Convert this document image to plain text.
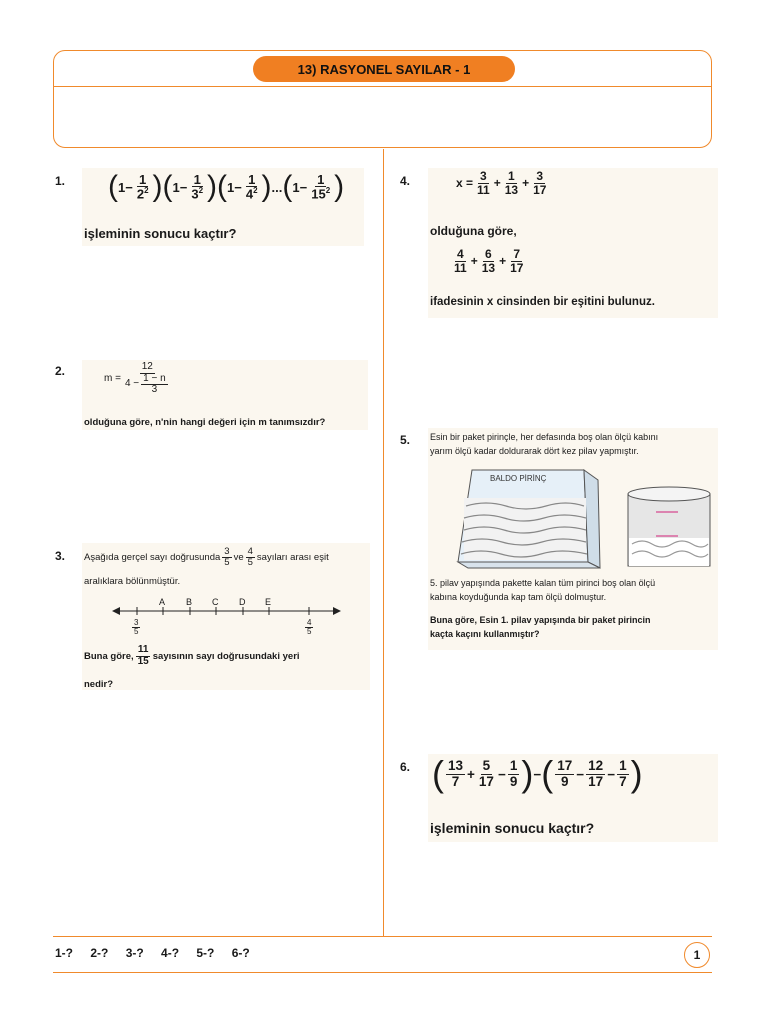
13) RASYONEL SAYILAR - 1
1. ( $1 - \frac{1}{2^2}$ ) ( $1 - \frac{1}{3^2}$ ) ( $1 - \frac{1}{4^2}$ ) ... ( $1 - \frac{1}{15^2}$ )
işleminin sonucu kaçtır?
2.
$m = \frac{12}{4 - \frac{1 - n}{3}}$
olduğuna göre, n'nin hangi değeri için m tanımsızdır?
3. Aşağıda gerçel sayı doğrusunda $\frac{3}{5}$ ve $\frac{4}{5}$ sayıları arası eşit
aralıklara bölünmüştür.
A B C D E
$\frac{3}{5}$	$\frac{4}{5}$
Buna göre, $\frac{11}{15}$ sayısının sayı doğrusundaki yeri
nedir?
4.	$x = \frac{3}{11} + \frac{1}{13} + \frac{3}{17}$
olduğuna göre,
$\frac{4}{11} + \frac{6}{13} + \frac{7}{17}$
ifadesinin x cinsinden bir eşitini bulunuz.
5. Esin bir paket pirinçle, her defasında boş olan ölçü kabını
yarım ölçü kadar doldurarak dört kez pilav yapmıştır.
BALDO PİRİNÇ
5. pilav yapışında pakette kalan tüm pirinci boş olan ölçü
kabına koyduğunda kap tam ölçü dolmuştur.
Buna göre, Esin 1. pilav yapışında bir paket pirincin
kaçta kaçını kullanmıştır?
6. ( $\frac{13}{7} + \frac{5}{17} - \frac{1}{9}$ ) − ( $\frac{17}{9} - \frac{12}{17} - \frac{1}{7}$ )
işleminin sonucu kaçtır?
1-? 2-? 3-? 4-? 5-? 6-?	1
